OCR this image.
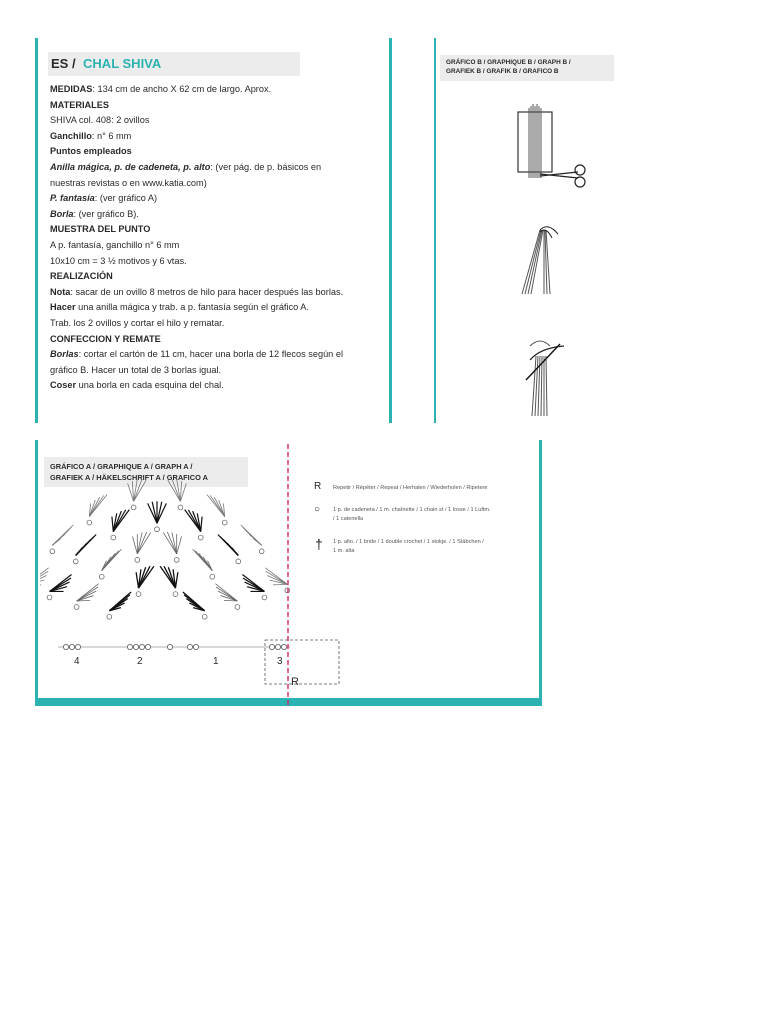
ES / CHAL SHIVA

MEDIDAS: 134 cm de ancho X 62 cm de largo. Aprox.

MATERIALES

SHIVA col. 408: 2 ovillos

Ganchillo: n° 6 mm

Puntos empleados

Anilla mágica, p. de cadeneta, p. alto: (ver pág. de p. básicos en

nuestras revistas o en www.katia.com)

P. fantasía: (ver gráfico A)

Borla: (ver gráfico B).

MUESTRA DEL PUNTO

A p. fantasía, ganchillo n° 6 mm

10x10 cm = 3 ½ motivos y 6 vtas.

REALIZACIÓN

Nota: sacar de un ovillo 8 metros de hilo para hacer después las borlas.

Hacer una anilla mágica y trab. a p. fantasía según el gráfico A.

Trab. los 2 ovillos y cortar el hilo y rematar.

CONFECCION Y REMATE

Borlas: cortar el cartón de 11 cm, hacer una borla de 12 flecos según el

gráfico B. Hacer un total de 3 borlas igual.

Coser una borla en cada esquina del chal.

GRÁFICO B / GRAPHIQUE B / GRAPH B /
GRAFIEK B / GRAFIK B / GRAFICO B
GRÁFICO A / GRAPHIQUE A / GRAPH A /
GRAFIEK A / HÄKELSCHRIFT A / GRAFICO A
4	2	1	3
R
R Repetir / Répéter / Repeat / Herhalen / Wiederholen / Ripetere
○ 1 p. de cadeneta / 1 m. chaînette / 1 chain st / 1 losse / 1 Luftm.
/ 1 catenella
† 1 p. alto. / 1 bride / 1 double crochet / 1 stokje. / 1 Stäbchen /
1 m. alta
